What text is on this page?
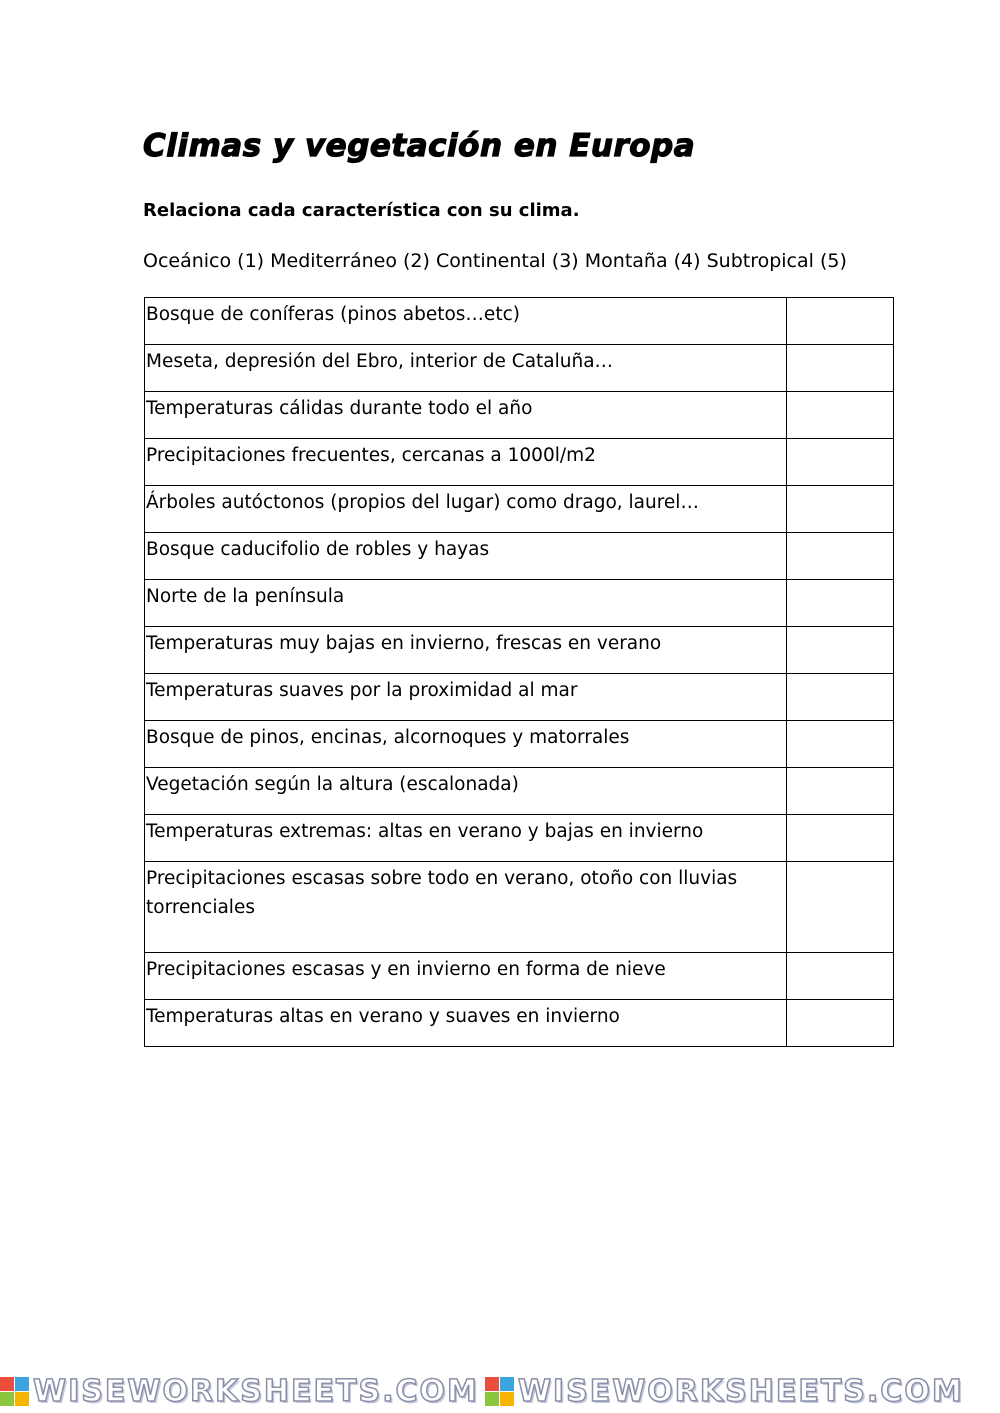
Climas y vegetación en Europa
Relaciona cada característica con su clima.
Oceánico (1) Mediterráneo (2) Continental (3) Montaña (4) Subtropical (5)
Bosque de coníferas (pinos abetos…etc)	
Meseta, depresión del Ebro, interior de Cataluña…	
Temperaturas cálidas durante todo el año	
Precipitaciones frecuentes, cercanas a 1000l/m2	
Árboles autóctonos (propios del lugar) como drago, laurel…	
Bosque caducifolio de robles y hayas	
Norte de la península	
Temperaturas muy bajas en invierno, frescas en verano	
Temperaturas suaves por la proximidad al mar	
Bosque de pinos, encinas, alcornoques y matorrales	
Vegetación según la altura (escalonada)	
Temperaturas extremas: altas en verano y bajas en invierno	
Precipitaciones escasas sobre todo en verano, otoño con lluvias torrenciales	
Precipitaciones escasas y en invierno en forma de nieve	
Temperaturas altas en verano y suaves en invierno	
WISEWORKSHEETS.COM WISEWORKSHEETS.COM
